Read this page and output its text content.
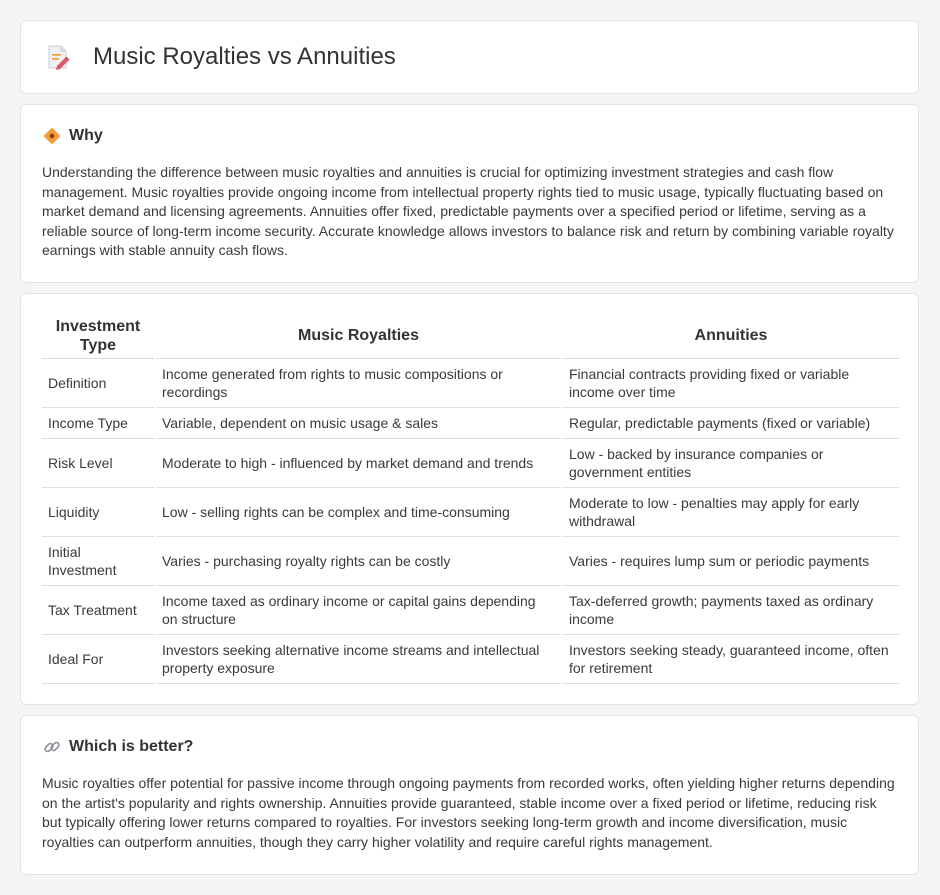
Music Royalties vs Annuities
Why

Understanding the difference between music royalties and annuities is crucial for optimizing investment strategies and cash flow management. Music royalties provide ongoing income from intellectual property rights tied to music usage, typically fluctuating based on market demand and licensing agreements. Annuities offer fixed, predictable payments over a specified period or lifetime, serving as a reliable source of long-term income security. Accurate knowledge allows investors to balance risk and return by combining variable royalty earnings with stable annuity cash flows.

Investment Type	Music Royalties	Annuities
Definition	Income generated from rights to music compositions or recordings	Financial contracts providing fixed or variable income over time
Income Type	Variable, dependent on music usage & sales	Regular, predictable payments (fixed or variable)
Risk Level	Moderate to high - influenced by market demand and trends	Low - backed by insurance companies or government entities
Liquidity	Low - selling rights can be complex and time-consuming	Moderate to low - penalties may apply for early withdrawal
Initial Investment	Varies - purchasing royalty rights can be costly	Varies - requires lump sum or periodic payments
Tax Treatment	Income taxed as ordinary income or capital gains depending on structure	Tax-deferred growth; payments taxed as ordinary income
Ideal For	Investors seeking alternative income streams and intellectual property exposure	Investors seeking steady, guaranteed income, often for retirement
Which is better?

Music royalties offer potential for passive income through ongoing payments from recorded works, often yielding higher returns depending on the artist's popularity and rights ownership. Annuities provide guaranteed, stable income over a fixed period or lifetime, reducing risk but typically offering lower returns compared to royalties. For investors seeking long-term growth and income diversification, music royalties can outperform annuities, though they carry higher volatility and require careful rights management.
